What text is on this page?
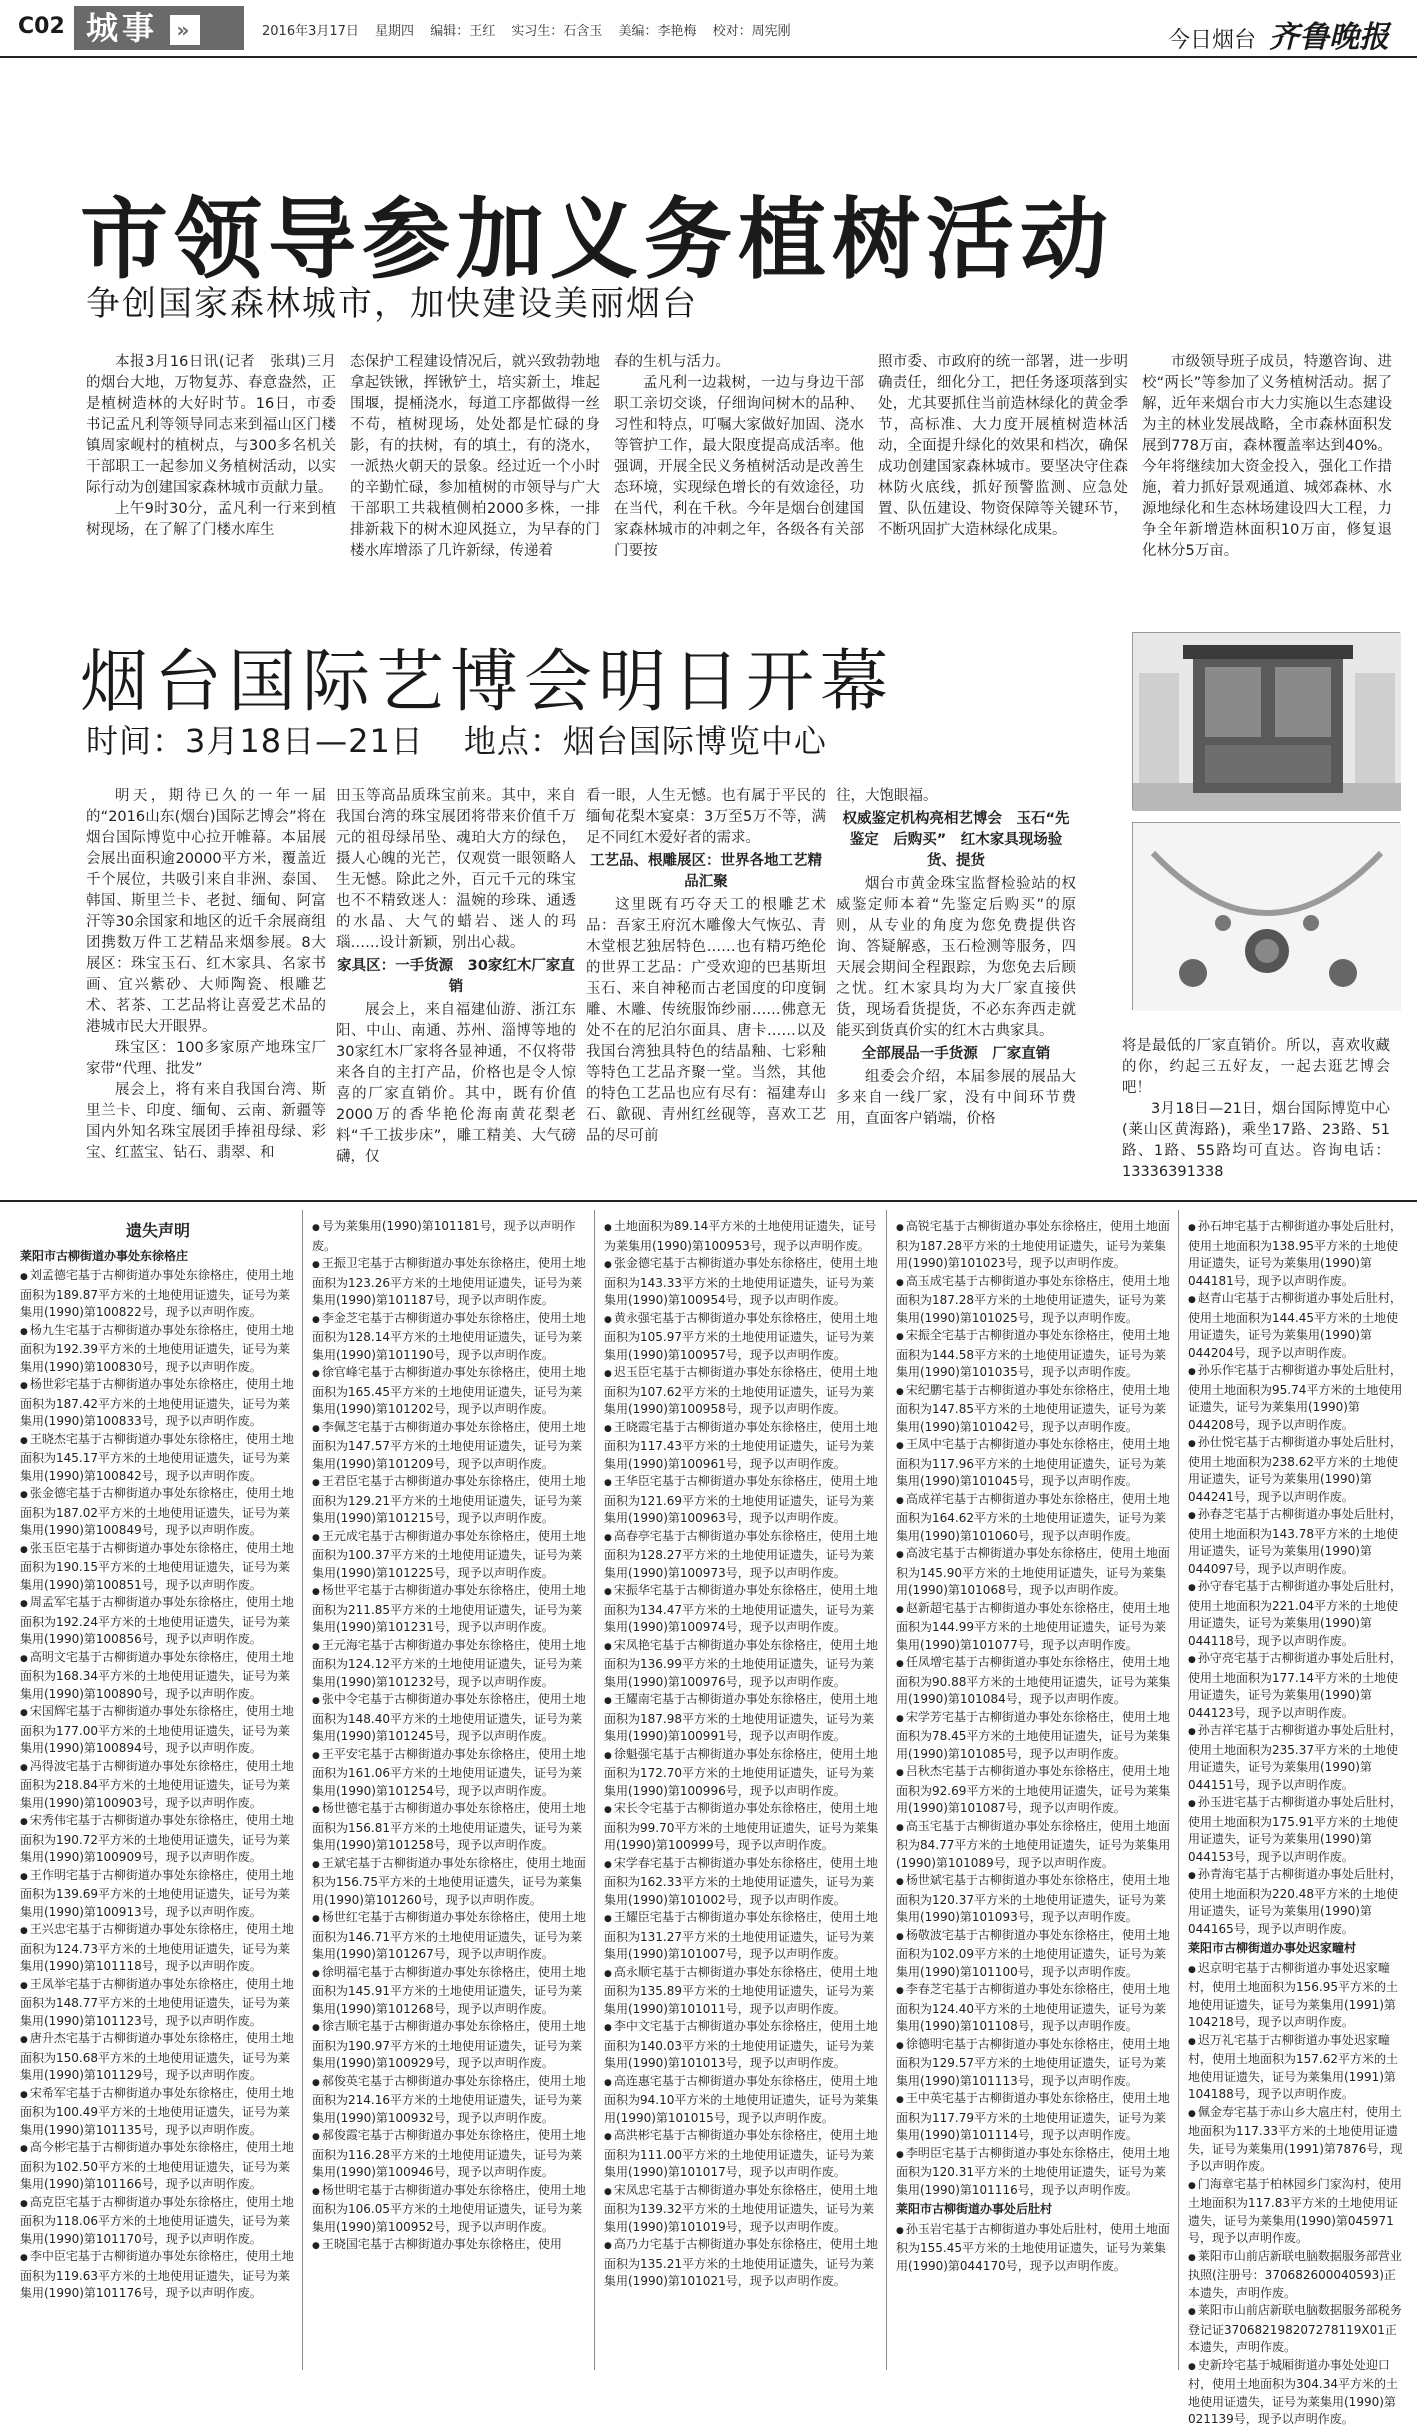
C02 城事 »	2016年3月17日 星期四 编辑：王红 实习生：石含玉 美编：李艳梅 校对：周宪刚	今日烟台 齐鲁晚报
市领导参加义务植树活动
争创国家森林城市，加快建设美丽烟台

本报3月16日讯(记者　张琪)三月的烟台大地，万物复苏、春意盎然，正是植树造林的大好时节。16日，市委书记孟凡利等领导同志来到福山区门楼镇周家岘村的植树点，与300多名机关干部职工一起参加义务植树活动，以实际行动为创建国家森林城市贡献力量。

上午9时30分，孟凡利一行来到植树现场，在了解了门楼水库生

态保护工程建设情况后，就兴致勃勃地拿起铁锹，挥锹铲土，培实新土，堆起围堰，提桶浇水，每道工序都做得一丝不苟，植树现场，处处都是忙碌的身影，有的扶树，有的填土，有的浇水，一派热火朝天的景象。经过近一个小时的辛勤忙碌，参加植树的市领导与广大干部职工共栽植侧柏2000多株，一排排新栽下的树木迎风挺立，为早春的门楼水库增添了几许新绿，传递着

春的生机与活力。

孟凡利一边栽树，一边与身边干部职工亲切交谈，仔细询问树木的品种、习性和特点，叮嘱大家做好加固、浇水等管护工作，最大限度提高成活率。他强调，开展全民义务植树活动是改善生态环境，实现绿色增长的有效途径，功在当代，利在千秋。今年是烟台创建国家森林城市的冲刺之年，各级各有关部门要按

照市委、市政府的统一部署，进一步明确责任，细化分工，把任务逐项落到实处，尤其要抓住当前造林绿化的黄金季节，高标准、大力度开展植树造林活动，全面提升绿化的效果和档次，确保成功创建国家森林城市。要坚决守住森林防火底线，抓好预警监测、应急处置、队伍建设、物资保障等关键环节，不断巩固扩大造林绿化成果。

市级领导班子成员，特邀咨询、进校“两长”等参加了义务植树活动。据了解，近年来烟台市大力实施以生态建设为主的林业发展战略，全市森林面积发展到778万亩，森林覆盖率达到40%。今年将继续加大资金投入，强化工作措施，着力抓好景观通道、城郊森林、水源地绿化和生态林场建设四大工程，力争全年新增造林面积10万亩，修复退化林分5万亩。

烟台国际艺博会明日开幕
时间：3月18日—21日 地点：烟台国际博览中心

明天，期待已久的一年一届的“2016山东(烟台)国际艺博会”将在烟台国际博览中心拉开帷幕。本届展会展出面积逾20000平方米，覆盖近千个展位，共吸引来自非洲、泰国、韩国、斯里兰卡、老挝、缅甸、阿富汗等30余国家和地区的近千余展商组团携数万件工艺精品来烟参展。8大展区：珠宝玉石、红木家具、名家书画、宜兴紫砂、大师陶瓷、根雕艺术、茗茶、工艺品将让喜爱艺术品的港城市民大开眼界。

珠宝区：100多家原产地珠宝厂家带“代理、批发”

展会上，将有来自我国台湾、斯里兰卡、印度、缅甸、云南、新疆等国内外知名珠宝展团手捧祖母绿、彩宝、红蓝宝、钻石、翡翠、和

田玉等高品质珠宝前来。其中，来自我国台湾的珠宝展团将带来价值千万元的祖母绿吊坠、魂珀大方的绿色，摄人心魄的光芒，仅观赏一眼领略人生无憾。除此之外，百元千元的珠宝也不不精致迷人：温婉的珍珠、通透的水晶、大气的蜡岩、迷人的玛瑙……设计新颖，别出心裁。

家具区：一手货源　30家红木厂家直销

展会上，来自福建仙游、浙江东阳、中山、南通、苏州、淄博等地的30家红木厂家将各显神通，不仅将带来各自的主打产品，价格也是令人惊喜的厂家直销价。其中，既有价值2000万的香华艳伦海南黄花梨老料“千工拔步床”，雕工精美、大气磅礴，仅

看一眼，人生无憾。也有属于平民的缅甸花梨木宴桌：3万至5万不等，满足不同红木爱好者的需求。

工艺品、根雕展区：世界各地工艺精品汇聚

这里既有巧夺天工的根雕艺术品：吾家王府沉木雕像大气恢弘、青木堂根艺独居特色……也有精巧绝伦的世界工艺品：广受欢迎的巴基斯坦玉石、来自神秘而古老国度的印度铜雕、木雕、传统服饰纱丽……佛意无处不在的尼泊尔面具、唐卡……以及我国台湾独具特色的结晶釉、七彩釉等特色工艺品齐聚一堂。当然，其他的特色工艺品也应有尽有：福建寿山石、歙砚、青州红丝砚等，喜欢工艺品的尽可前

往，大饱眼福。

权威鉴定机构亮相艺博会　玉石“先鉴定　后购买”　红木家具现场验货、提货

烟台市黄金珠宝监督检验站的权威鉴定师本着“先鉴定后购买”的原则，从专业的角度为您免费提供咨询、答疑解惑，玉石检测等服务，四天展会期间全程跟踪，为您免去后顾之忧。红木家具均为大厂家直接供货，现场看货提货，不必东奔西走就能买到货真价实的红木古典家具。

全部展品一手货源　厂家直销

组委会介绍，本届参展的展品大多来自一线厂家，没有中间环节费用，直面客户销端，价格

将是最低的厂家直销价。所以，喜欢收藏的你，约起三五好友，一起去逛艺博会吧！

3月18日—21日，烟台国际博览中心(莱山区黄海路)，乘坐17路、23路、51路、1路、55路均可直达。咨询电话：13336391338

遗失声明
莱阳市古柳街道办事处东徐格庄
● 刘孟德宅基于古柳街道办事处东徐格庄，使用土地面积为189.87平方米的土地使用证遗失，证号为莱集用(1990)第100822号，现予以声明作废。
● 杨九生宅基于古柳街道办事处东徐格庄，使用土地面积为192.39平方米的土地使用证遗失，证号为莱集用(1990)第100830号，现予以声明作废。
● 杨世彩宅基于古柳街道办事处东徐格庄，使用土地面积为187.42平方米的土地使用证遗失，证号为莱集用(1990)第100833号，现予以声明作废。
● 王晓杰宅基于古柳街道办事处东徐格庄，使用土地面积为145.17平方米的土地使用证遗失，证号为莱集用(1990)第100842号，现予以声明作废。
● 张金德宅基于古柳街道办事处东徐格庄，使用土地面积为187.02平方米的土地使用证遗失，证号为莱集用(1990)第100849号，现予以声明作废。
● 张玉臣宅基于古柳街道办事处东徐格庄，使用土地面积为190.15平方米的土地使用证遗失，证号为莱集用(1990)第100851号，现予以声明作废。
● 周孟军宅基于古柳街道办事处东徐格庄，使用土地面积为192.24平方米的土地使用证遗失，证号为莱集用(1990)第100856号，现予以声明作废。
● 高明文宅基于古柳街道办事处东徐格庄，使用土地面积为168.34平方米的土地使用证遗失，证号为莱集用(1990)第100890号，现予以声明作废。
● 宋国辉宅基于古柳街道办事处东徐格庄，使用土地面积为177.00平方米的土地使用证遗失，证号为莱集用(1990)第100894号，现予以声明作废。
● 冯得波宅基于古柳街道办事处东徐格庄，使用土地面积为218.84平方米的土地使用证遗失，证号为莱集用(1990)第100903号，现予以声明作废。
● 宋秀伟宅基于古柳街道办事处东徐格庄，使用土地面积为190.72平方米的土地使用证遗失，证号为莱集用(1990)第100909号，现予以声明作废。
● 王作明宅基于古柳街道办事处东徐格庄，使用土地面积为139.69平方米的土地使用证遗失，证号为莱集用(1990)第100913号，现予以声明作废。
● 王兴忠宅基于古柳街道办事处东徐格庄，使用土地面积为124.73平方米的土地使用证遗失，证号为莱集用(1990)第101118号，现予以声明作废。
● 王凤举宅基于古柳街道办事处东徐格庄，使用土地面积为148.77平方米的土地使用证遗失，证号为莱集用(1990)第101123号，现予以声明作废。
● 唐升杰宅基于古柳街道办事处东徐格庄，使用土地面积为150.68平方米的土地使用证遗失，证号为莱集用(1990)第101129号，现予以声明作废。
● 宋希军宅基于古柳街道办事处东徐格庄，使用土地面积为100.49平方米的土地使用证遗失，证号为莱集用(1990)第101135号，现予以声明作废。
● 高今彬宅基于古柳街道办事处东徐格庄，使用土地面积为102.50平方米的土地使用证遗失，证号为莱集用(1990)第101166号，现予以声明作废。
● 高克臣宅基于古柳街道办事处东徐格庄，使用土地面积为118.06平方米的土地使用证遗失，证号为莱集用(1990)第101170号，现予以声明作废。
● 李中臣宅基于古柳街道办事处东徐格庄，使用土地面积为119.63平方米的土地使用证遗失，证号为莱集用(1990)第101176号，现予以声明作废。
● 号为莱集用(1990)第101181号，现予以声明作废。
● 王振卫宅基于古柳街道办事处东徐格庄，使用土地面积为123.26平方米的土地使用证遗失，证号为莱集用(1990)第101187号，现予以声明作废。
● 李金芝宅基于古柳街道办事处东徐格庄，使用土地面积为128.14平方米的土地使用证遗失，证号为莱集用(1990)第101190号，现予以声明作废。
● 徐官峰宅基于古柳街道办事处东徐格庄，使用土地面积为165.45平方米的土地使用证遗失，证号为莱集用(1990)第101202号，现予以声明作废。
● 李佩芝宅基于古柳街道办事处东徐格庄，使用土地面积为147.57平方米的土地使用证遗失，证号为莱集用(1990)第101209号，现予以声明作废。
● 王君臣宅基于古柳街道办事处东徐格庄，使用土地面积为129.21平方米的土地使用证遗失，证号为莱集用(1990)第101215号，现予以声明作废。
● 王元成宅基于古柳街道办事处东徐格庄，使用土地面积为100.37平方米的土地使用证遗失，证号为莱集用(1990)第101225号，现予以声明作废。
● 杨世平宅基于古柳街道办事处东徐格庄，使用土地面积为211.85平方米的土地使用证遗失，证号为莱集用(1990)第101231号，现予以声明作废。
● 王元海宅基于古柳街道办事处东徐格庄，使用土地面积为124.12平方米的土地使用证遗失，证号为莱集用(1990)第101232号，现予以声明作废。
● 张中令宅基于古柳街道办事处东徐格庄，使用土地面积为148.40平方米的土地使用证遗失，证号为莱集用(1990)第101245号，现予以声明作废。
● 王平安宅基于古柳街道办事处东徐格庄，使用土地面积为161.06平方米的土地使用证遗失，证号为莱集用(1990)第101254号，现予以声明作废。
● 杨世德宅基于古柳街道办事处东徐格庄，使用土地面积为156.81平方米的土地使用证遗失，证号为莱集用(1990)第101258号，现予以声明作废。
● 王斌宅基于古柳街道办事处东徐格庄，使用土地面积为156.75平方米的土地使用证遗失，证号为莱集用(1990)第101260号，现予以声明作废。
● 杨世红宅基于古柳街道办事处东徐格庄，使用土地面积为146.71平方米的土地使用证遗失，证号为莱集用(1990)第101267号，现予以声明作废。
● 徐明福宅基于古柳街道办事处东徐格庄，使用土地面积为145.91平方米的土地使用证遗失，证号为莱集用(1990)第101268号，现予以声明作废。
● 徐吉顺宅基于古柳街道办事处东徐格庄，使用土地面积为190.97平方米的土地使用证遗失，证号为莱集用(1990)第100929号，现予以声明作废。
● 郝俊英宅基于古柳街道办事处东徐格庄，使用土地面积为214.16平方米的土地使用证遗失，证号为莱集用(1990)第100932号，现予以声明作废。
● 郝俊霞宅基于古柳街道办事处东徐格庄，使用土地面积为116.28平方米的土地使用证遗失，证号为莱集用(1990)第100946号，现予以声明作废。
● 杨世明宅基于古柳街道办事处东徐格庄，使用土地面积为106.05平方米的土地使用证遗失，证号为莱集用(1990)第100952号，现予以声明作废。
● 王晓国宅基于古柳街道办事处东徐格庄，使用
● 土地面积为89.14平方米的土地使用证遗失，证号为莱集用(1990)第100953号，现予以声明作废。
● 张金德宅基于古柳街道办事处东徐格庄，使用土地面积为143.33平方米的土地使用证遗失，证号为莱集用(1990)第100954号，现予以声明作废。
● 黄永强宅基于古柳街道办事处东徐格庄，使用土地面积为105.97平方米的土地使用证遗失，证号为莱集用(1990)第100957号，现予以声明作废。
● 迟玉臣宅基于古柳街道办事处东徐格庄，使用土地面积为107.62平方米的土地使用证遗失，证号为莱集用(1990)第100958号，现予以声明作废。
● 王晓霞宅基于古柳街道办事处东徐格庄，使用土地面积为117.43平方米的土地使用证遗失，证号为莱集用(1990)第100961号，现予以声明作废。
● 王华臣宅基于古柳街道办事处东徐格庄，使用土地面积为121.69平方米的土地使用证遗失，证号为莱集用(1990)第100963号，现予以声明作废。
● 高春亭宅基于古柳街道办事处东徐格庄，使用土地面积为128.27平方米的土地使用证遗失，证号为莱集用(1990)第100973号，现予以声明作废。
● 宋振华宅基于古柳街道办事处东徐格庄，使用土地面积为134.47平方米的土地使用证遗失，证号为莱集用(1990)第100974号，现予以声明作废。
● 宋凤艳宅基于古柳街道办事处东徐格庄，使用土地面积为136.99平方米的土地使用证遗失，证号为莱集用(1990)第100976号，现予以声明作废。
● 王耀南宅基于古柳街道办事处东徐格庄，使用土地面积为187.98平方米的土地使用证遗失，证号为莱集用(1990)第100991号，现予以声明作废。
● 徐魁强宅基于古柳街道办事处东徐格庄，使用土地面积为172.70平方米的土地使用证遗失，证号为莱集用(1990)第100996号，现予以声明作废。
● 宋长令宅基于古柳街道办事处东徐格庄，使用土地面积为99.70平方米的土地使用证遗失，证号为莱集用(1990)第100999号，现予以声明作废。
● 宋学春宅基于古柳街道办事处东徐格庄，使用土地面积为162.33平方米的土地使用证遗失，证号为莱集用(1990)第101002号，现予以声明作废。
● 王耀臣宅基于古柳街道办事处东徐格庄，使用土地面积为131.27平方米的土地使用证遗失，证号为莱集用(1990)第101007号，现予以声明作废。
● 高永顺宅基于古柳街道办事处东徐格庄，使用土地面积为135.89平方米的土地使用证遗失，证号为莱集用(1990)第101011号，现予以声明作废。
● 李中文宅基于古柳街道办事处东徐格庄，使用土地面积为140.03平方米的土地使用证遗失，证号为莱集用(1990)第101013号，现予以声明作废。
● 高连惠宅基于古柳街道办事处东徐格庄，使用土地面积为94.10平方米的土地使用证遗失，证号为莱集用(1990)第101015号，现予以声明作废。
● 高洪彬宅基于古柳街道办事处东徐格庄，使用土地面积为111.00平方米的土地使用证遗失，证号为莱集用(1990)第101017号，现予以声明作废。
● 宋凤忠宅基于古柳街道办事处东徐格庄，使用土地面积为139.32平方米的土地使用证遗失，证号为莱集用(1990)第101019号，现予以声明作废。
● 高乃力宅基于古柳街道办事处东徐格庄，使用土地面积为135.21平方米的土地使用证遗失，证号为莱集用(1990)第101021号，现予以声明作废。
● 高锐宅基于古柳街道办事处东徐格庄，使用土地面积为187.28平方米的土地使用证遗失，证号为莱集用(1990)第101023号，现予以声明作废。
● 高玉成宅基于古柳街道办事处东徐格庄，使用土地面积为187.28平方米的土地使用证遗失，证号为莱集用(1990)第101025号，现予以声明作废。
● 宋振全宅基于古柳街道办事处东徐格庄，使用土地面积为144.58平方米的土地使用证遗失，证号为莱集用(1990)第101035号，现予以声明作废。
● 宋纪鹏宅基于古柳街道办事处东徐格庄，使用土地面积为147.85平方米的土地使用证遗失，证号为莱集用(1990)第101042号，现予以声明作废。
● 王凤中宅基于古柳街道办事处东徐格庄，使用土地面积为117.96平方米的土地使用证遗失，证号为莱集用(1990)第101045号，现予以声明作废。
● 高成祥宅基于古柳街道办事处东徐格庄，使用土地面积为164.62平方米的土地使用证遗失，证号为莱集用(1990)第101060号，现予以声明作废。
● 高波宅基于古柳街道办事处东徐格庄，使用土地面积为145.90平方米的土地使用证遗失，证号为莱集用(1990)第101068号，现予以声明作废。
● 赵新超宅基于古柳街道办事处东徐格庄，使用土地面积为144.99平方米的土地使用证遗失，证号为莱集用(1990)第101077号，现予以声明作废。
● 任凤增宅基于古柳街道办事处东徐格庄，使用土地面积为90.88平方米的土地使用证遗失，证号为莱集用(1990)第101084号，现予以声明作废。
● 宋学芳宅基于古柳街道办事处东徐格庄，使用土地面积为78.45平方米的土地使用证遗失，证号为莱集用(1990)第101085号，现予以声明作废。
● 吕秋杰宅基于古柳街道办事处东徐格庄，使用土地面积为92.69平方米的土地使用证遗失，证号为莱集用(1990)第101087号，现予以声明作废。
● 高玉宅基于古柳街道办事处东徐格庄，使用土地面积为84.77平方米的土地使用证遗失，证号为莱集用(1990)第101089号，现予以声明作废。
● 杨世斌宅基于古柳街道办事处东徐格庄，使用土地面积为120.37平方米的土地使用证遗失，证号为莱集用(1990)第101093号，现予以声明作废。
● 杨敬波宅基于古柳街道办事处东徐格庄，使用土地面积为102.09平方米的土地使用证遗失，证号为莱集用(1990)第101100号，现予以声明作废。
● 李春芝宅基于古柳街道办事处东徐格庄，使用土地面积为124.40平方米的土地使用证遗失，证号为莱集用(1990)第101108号，现予以声明作废。
● 徐德明宅基于古柳街道办事处东徐格庄，使用土地面积为129.57平方米的土地使用证遗失，证号为莱集用(1990)第101113号，现予以声明作废。
● 王中英宅基于古柳街道办事处东徐格庄，使用土地面积为117.79平方米的土地使用证遗失，证号为莱集用(1990)第101114号，现予以声明作废。
● 李明臣宅基于古柳街道办事处东徐格庄，使用土地面积为120.31平方米的土地使用证遗失，证号为莱集用(1990)第101116号，现予以声明作废。
莱阳市古柳街道办事处后肚村
● 孙玉岩宅基于古柳街道办事处后肚村，使用土地面积为155.45平方米的土地使用证遗失，证号为莱集用(1990)第044170号，现予以声明作废。
● 孙石坤宅基于古柳街道办事处后肚村，使用土地面积为138.95平方米的土地使用证遗失，证号为莱集用(1990)第044181号，现予以声明作废。
● 赵青山宅基于古柳街道办事处后肚村，使用土地面积为144.45平方米的土地使用证遗失，证号为莱集用(1990)第044204号，现予以声明作废。
● 孙乐作宅基于古柳街道办事处后肚村，使用土地面积为95.74平方米的土地使用证遗失，证号为莱集用(1990)第044208号，现予以声明作废。
● 孙仕悦宅基于古柳街道办事处后肚村，使用土地面积为238.62平方米的土地使用证遗失，证号为莱集用(1990)第044241号，现予以声明作废。
● 孙春芝宅基于古柳街道办事处后肚村，使用土地面积为143.78平方米的土地使用证遗失，证号为莱集用(1990)第044097号，现予以声明作废。
● 孙守春宅基于古柳街道办事处后肚村，使用土地面积为221.04平方米的土地使用证遗失，证号为莱集用(1990)第044118号，现予以声明作废。
● 孙守亮宅基于古柳街道办事处后肚村，使用土地面积为177.14平方米的土地使用证遗失，证号为莱集用(1990)第044123号，现予以声明作废。
● 孙吉祥宅基于古柳街道办事处后肚村，使用土地面积为235.37平方米的土地使用证遗失，证号为莱集用(1990)第044151号，现予以声明作废。
● 孙玉进宅基于古柳街道办事处后肚村，使用土地面积为175.91平方米的土地使用证遗失，证号为莱集用(1990)第044153号，现予以声明作废。
● 孙青海宅基于古柳街道办事处后肚村，使用土地面积为220.48平方米的土地使用证遗失，证号为莱集用(1990)第044165号，现予以声明作废。
莱阳市古柳街道办事处迟家疃村
● 迟京明宅基于古柳街道办事处迟家疃村，使用土地面积为156.95平方米的土地使用证遗失，证号为莱集用(1991)第104218号，现予以声明作废。
● 迟万礼宅基于古柳街道办事处迟家疃村，使用土地面积为157.62平方米的土地使用证遗失，证号为莱集用(1991)第104188号，现予以声明作废。
● 佩金寿宅基于赤山乡大扈庄村，使用土地面积为117.33平方米的土地使用证遗失，证号为莱集用(1991)第7876号，现予以声明作废。
● 门海章宅基于柏林园乡门家沟村，使用土地面积为117.83平方米的土地使用证遗失，证号为莱集用(1990)第045971号，现予以声明作废。
● 莱阳市山前店新联电脑数据服务部营业执照(注册号：370682600040593)正本遗失，声明作废。
● 莱阳市山前店新联电脑数据服务部税务登记证370682198207278119X01正本遗失，声明作废。
● 史新玲宅基于城厢街道办事处处迎口村，使用土地面积为304.34平方米的土地使用证遗失，证号为莱集用(1990)第021139号，现予以声明作废。
